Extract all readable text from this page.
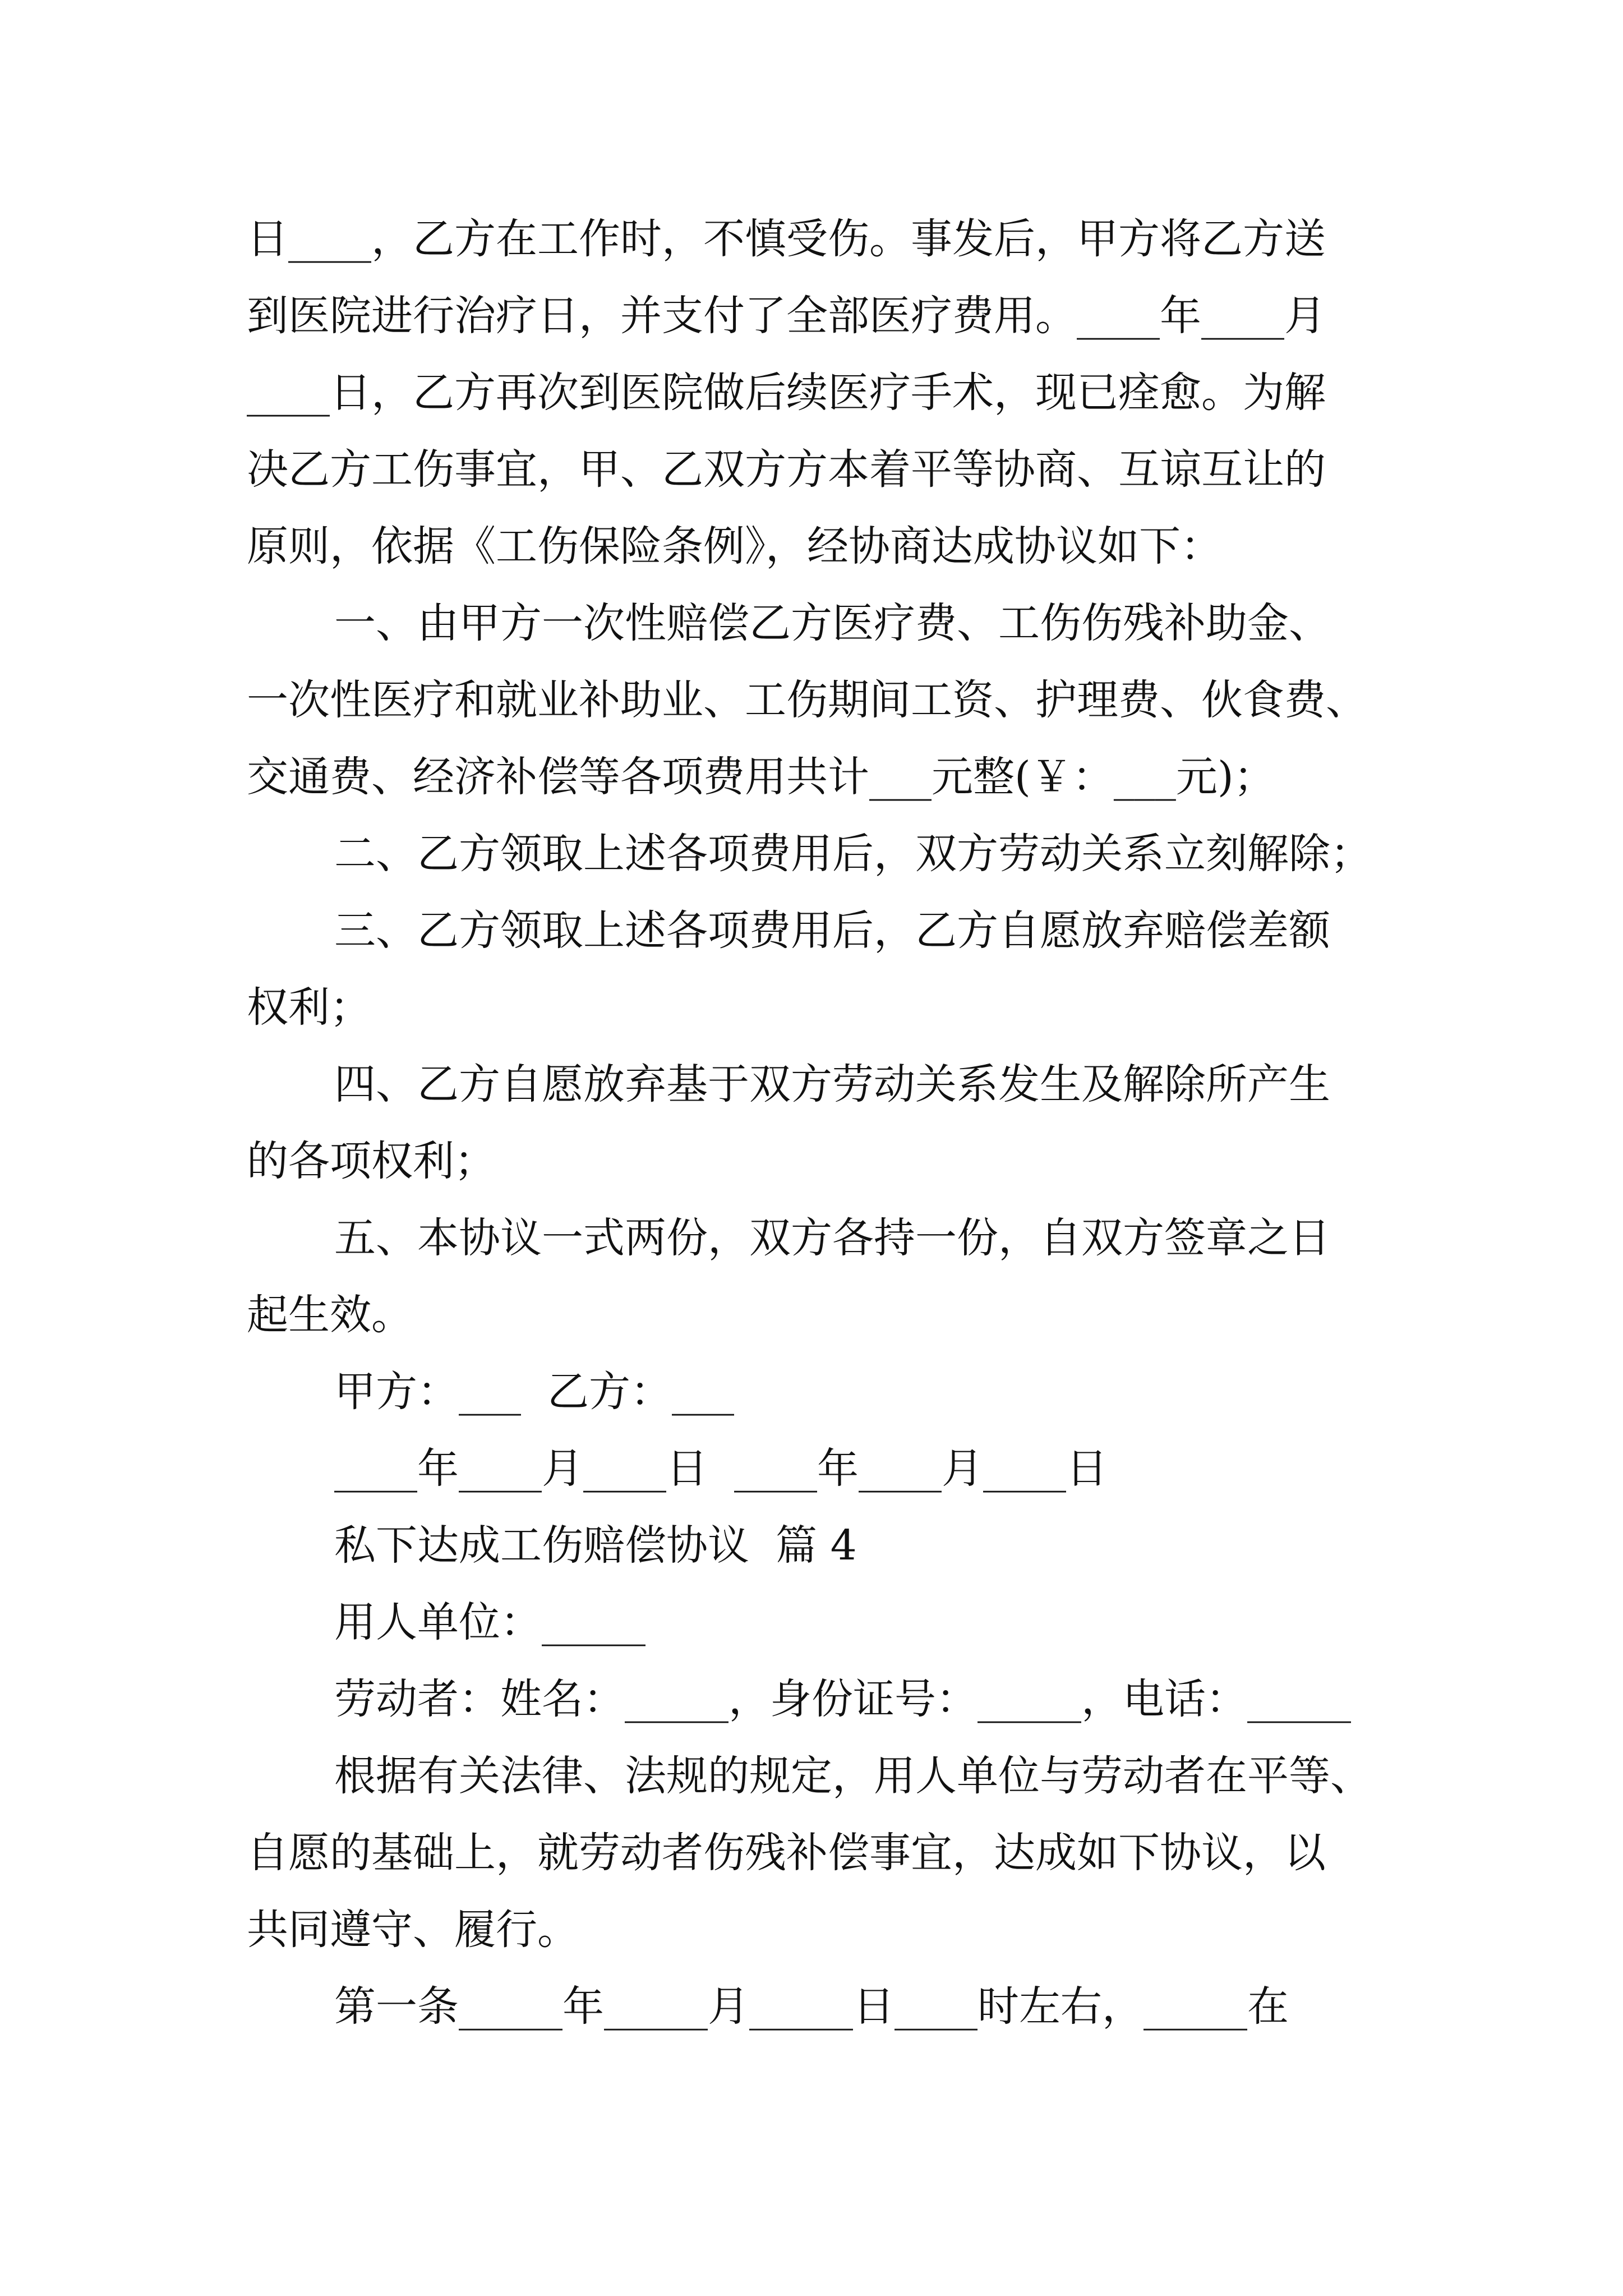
日____，乙方在工作时，不慎受伤。事发后，甲方将乙方送

到医院进行治疗日，并支付了全部医疗费用。____年____月

____日，乙方再次到医院做后续医疗手术，现已痊愈。为解

决乙方工伤事宜，甲、乙双方方本着平等协商、互谅互让的

原则，依据《工伤保险条例》，经协商达成协议如下：

一、由甲方一次性赔偿乙方医疗费、工伤伤残补助金、

一次性医疗和就业补助业、工伤期间工资、护理费、伙食费、

交通费、经济补偿等各项费用共计___元整(￥：___元)；

二、乙方领取上述各项费用后，双方劳动关系立刻解除；

三、乙方领取上述各项费用后，乙方自愿放弃赔偿差额

权利；

四、乙方自愿放弃基于双方劳动关系发生及解除所产生

的各项权利；

五、本协议一式两份，双方各持一份，自双方签章之日

起生效。

甲方：___  乙方：___

____年____月____日  ____年____月____日

私下达成工伤赔偿协议  篇 4

用人单位：_____

劳动者：姓名：_____，身份证号：_____，电话：_____

根据有关法律、法规的规定，用人单位与劳动者在平等、

自愿的基础上，就劳动者伤残补偿事宜，达成如下协议，以

共同遵守、履行。

第一条_____年_____月_____日____时左右，_____在
